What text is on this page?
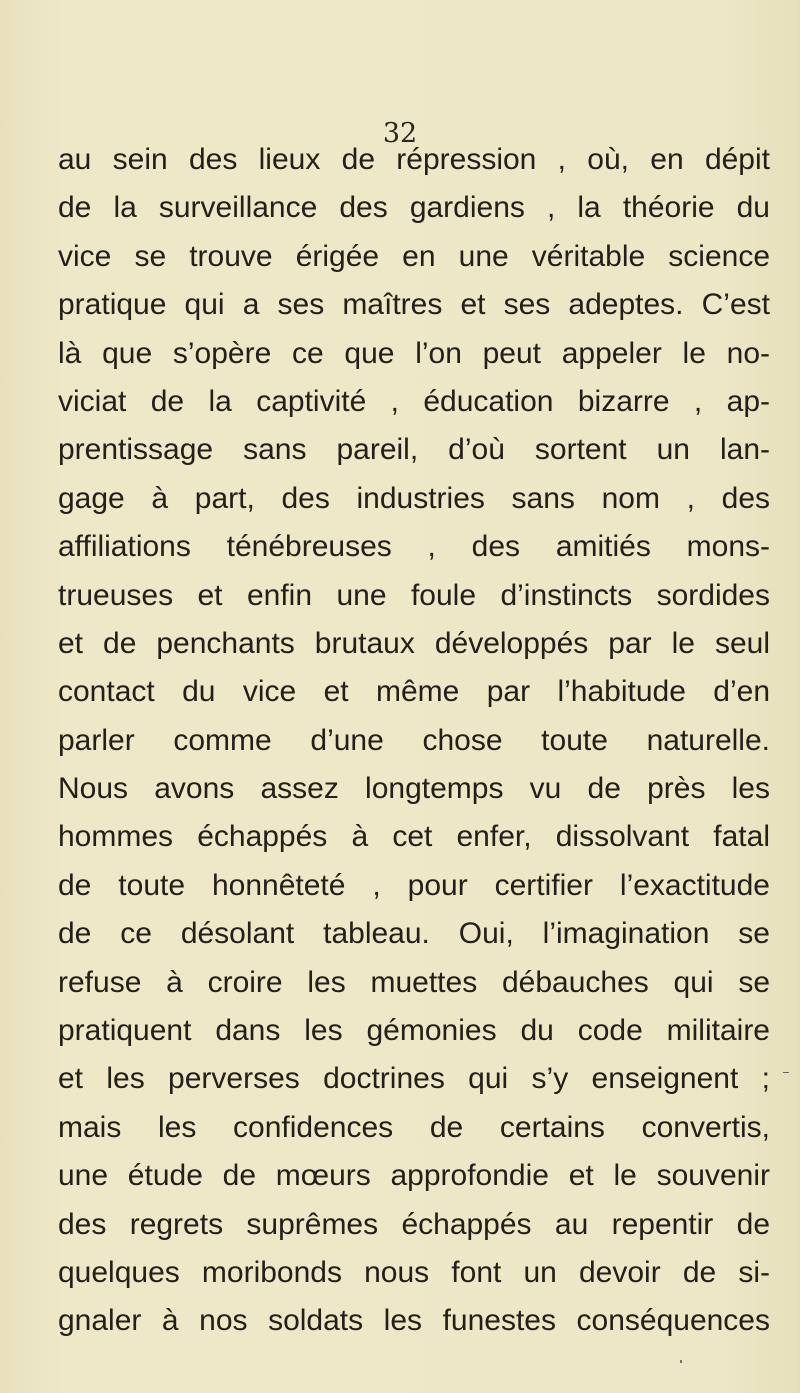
32
au sein des lieux de répression , où, en dépit
de la surveillance des gardiens , la théorie du
vice se trouve érigée en une véritable science
pratique qui a ses maîtres et ses adeptes. C’est
là que s’opère ce que l’on peut appeler le no-
viciat de la captivité , éducation bizarre , ap-
prentissage sans pareil, d’où sortent un lan-
gage à part, des industries sans nom , des
affiliations ténébreuses , des amitiés mons-
trueuses et enfin une foule d’instincts sordides
et de penchants brutaux développés par le seul
contact du vice et même par l’habitude d’en
parler comme d’une chose toute naturelle.
Nous avons assez longtemps vu de près les
hommes échappés à cet enfer, dissolvant fatal
de toute honnêteté , pour certifier l’exactitude
de ce désolant tableau. Oui, l’imagination se
refuse à croire les muettes débauches qui se
pratiquent dans les gémonies du code militaire
et les perverses doctrines qui s’y enseignent ;
mais les confidences de certains convertis,
une étude de mœurs approfondie et le souvenir
des regrets suprêmes échappés au repentir de
quelques moribonds nous font un devoir de si-
gnaler à nos soldats les funestes conséquences
